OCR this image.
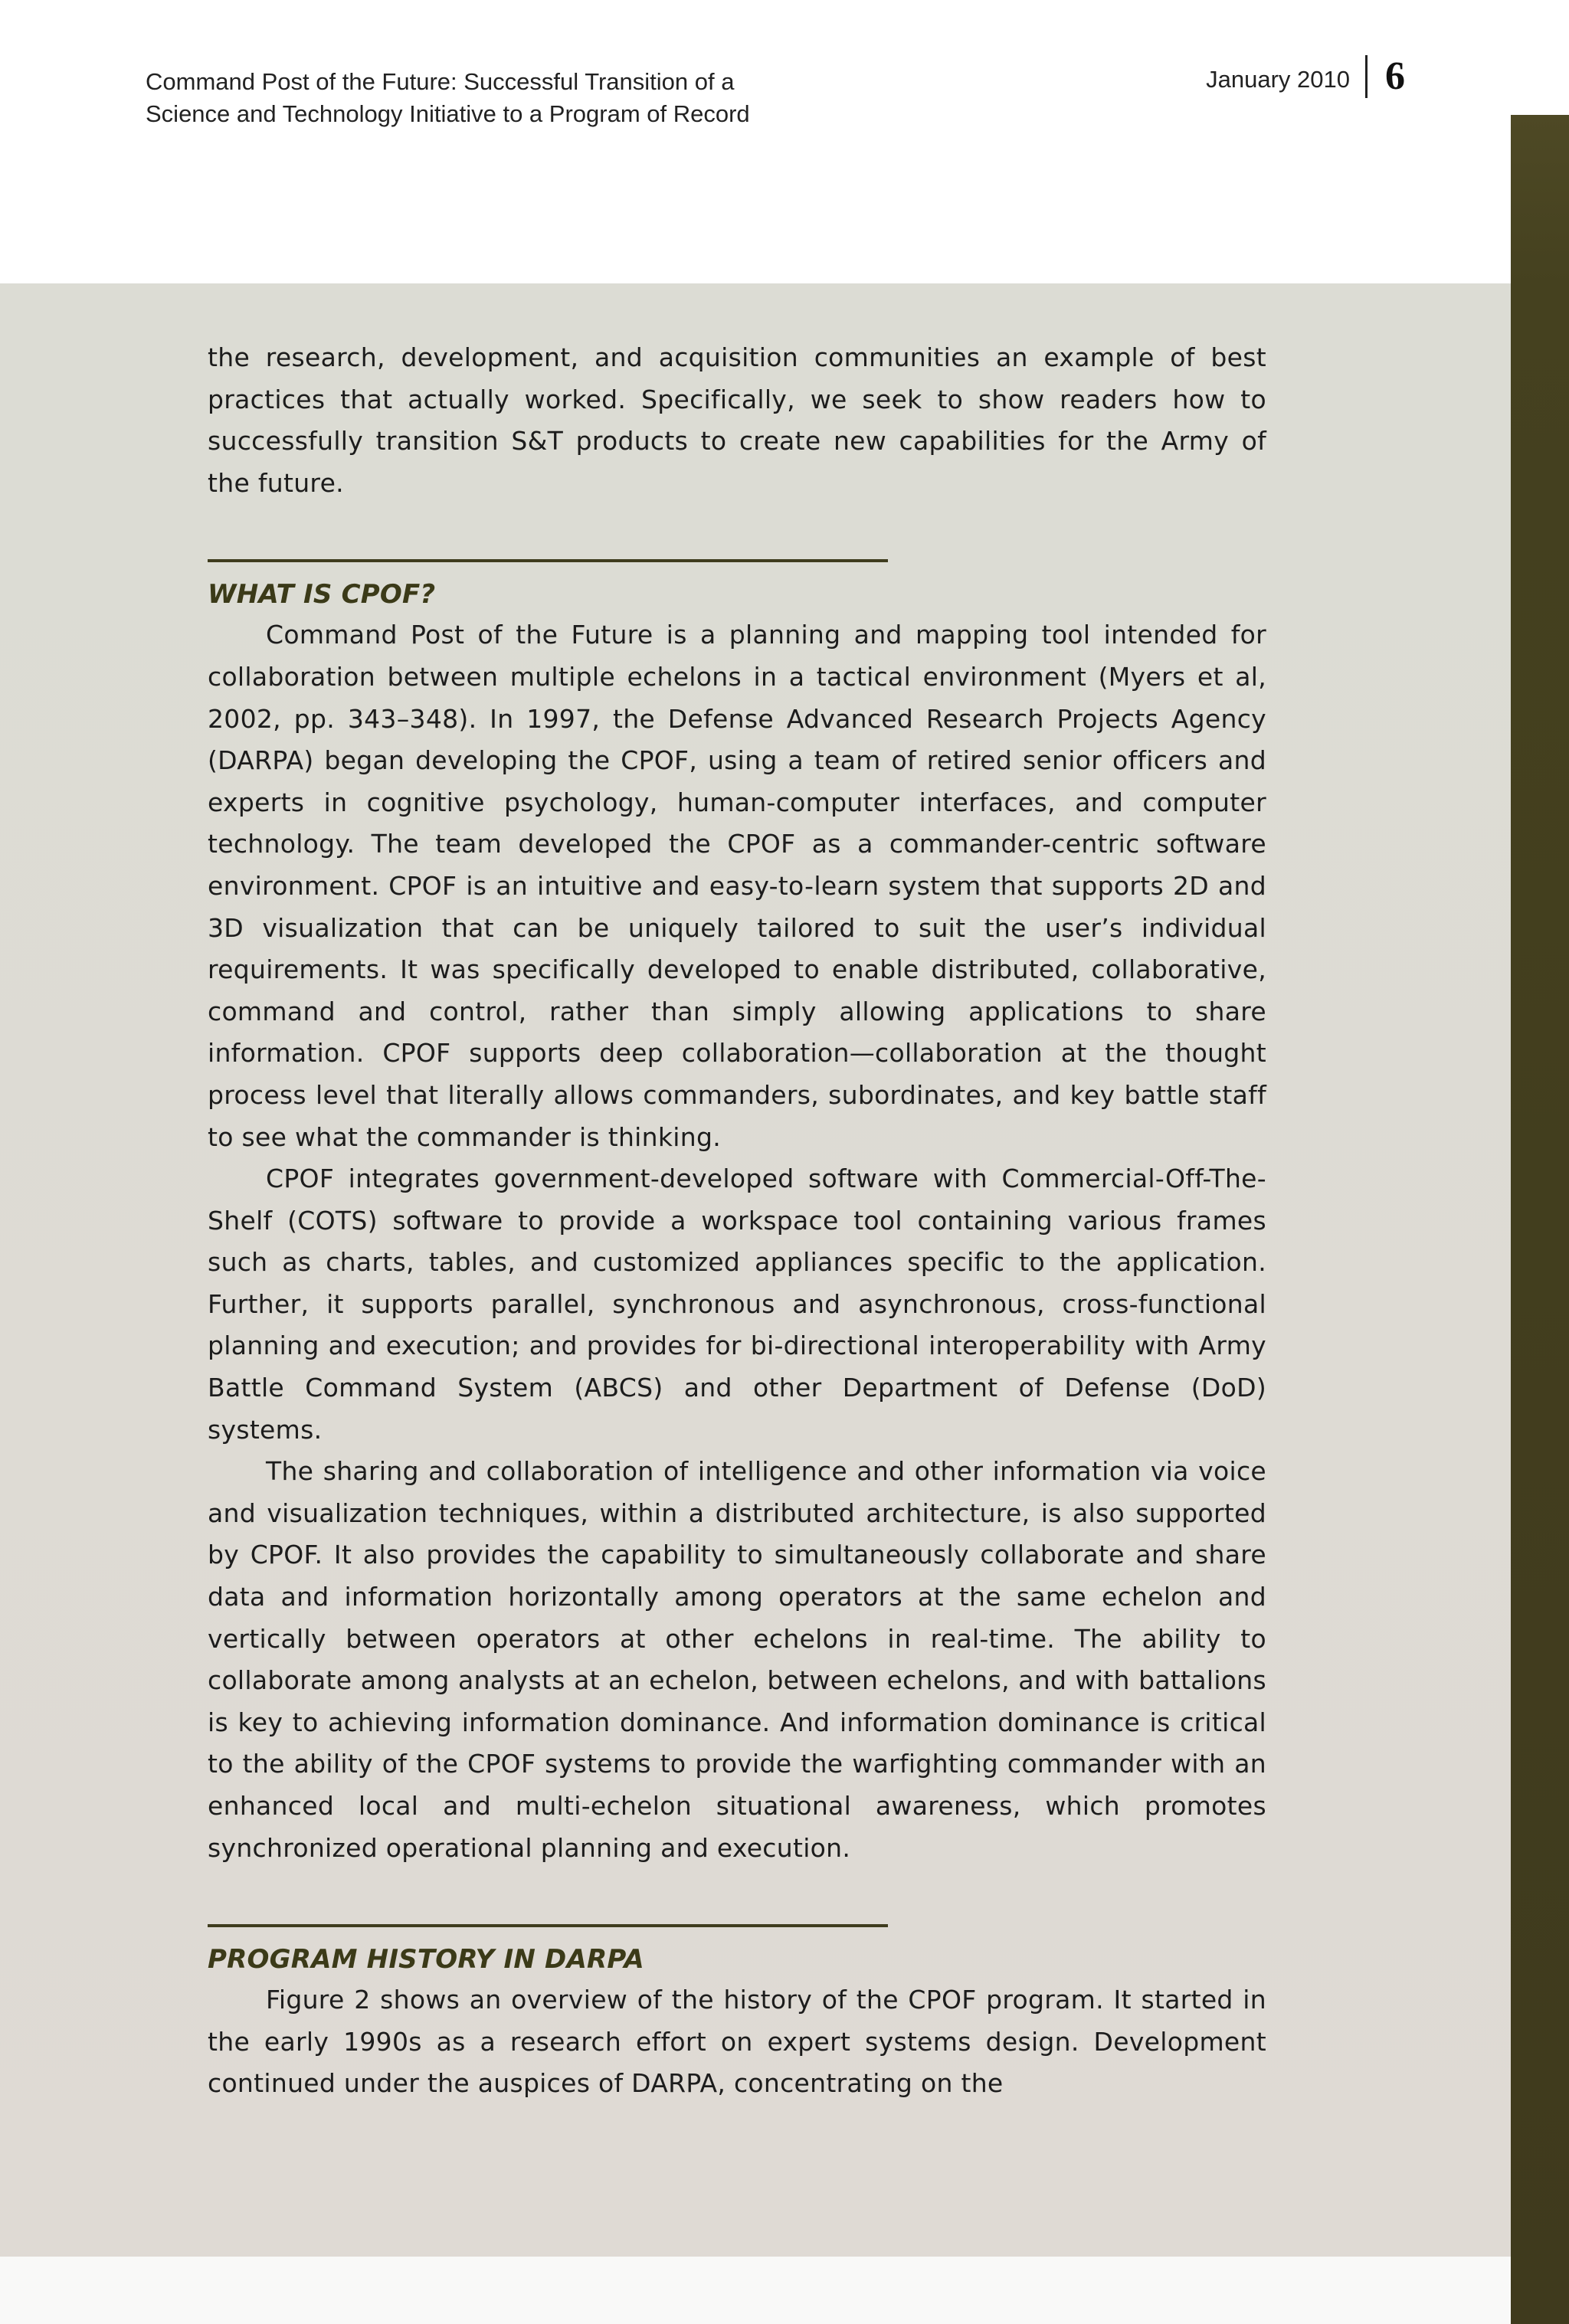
Command Post of the Future: Successful Transition of a
Science and Technology Initiative to a Program of Record
January 2010 6

the research, development, and acquisition communities an example of best practices that actually worked. Specifically, we seek to show readers how to successfully transition S&T products to create new capabilities for the Army of the future.

WHAT IS CPOF?

Command Post of the Future is a planning and mapping tool intended for collaboration between multiple echelons in a tactical environment (Myers et al, 2002, pp. 343–348). In 1997, the Defense Advanced Research Projects Agency (DARPA) began developing the CPOF, using a team of retired senior officers and experts in cognitive psychology, human-computer interfaces, and computer technology. The team developed the CPOF as a commander-centric software environment. CPOF is an intuitive and easy-to-learn system that supports 2D and 3D visualization that can be uniquely tailored to suit the user’s individual requirements. It was specifically developed to enable distributed, collaborative, command and control, rather than simply allowing applications to share information. CPOF supports deep collaboration—collaboration at the thought process level that literally allows commanders, subordinates, and key battle staff to see what the commander is thinking.

CPOF integrates government-developed software with Commercial-Off-The-Shelf (COTS) software to provide a workspace tool containing various frames such as charts, tables, and customized appliances specific to the application. Further, it supports parallel, synchronous and asynchronous, cross-functional planning and execution; and provides for bi-directional interoperability with Army Battle Command System (ABCS) and other Department of Defense (DoD) systems.

The sharing and collaboration of intelligence and other information via voice and visualization techniques, within a distributed architecture, is also supported by CPOF. It also provides the capability to simultaneously collaborate and share data and information horizontally among operators at the same echelon and vertically between operators at other echelons in real-time. The ability to collaborate among analysts at an echelon, between echelons, and with battalions is key to achieving information dominance. And information dominance is critical to the ability of the CPOF systems to provide the warfighting commander with an enhanced local and multi-echelon situational awareness, which promotes synchronized operational planning and execution.

PROGRAM HISTORY IN DARPA

Figure 2 shows an overview of the history of the CPOF program. It started in the early 1990s as a research effort on expert systems design. Development continued under the auspices of DARPA, concentrating on the
